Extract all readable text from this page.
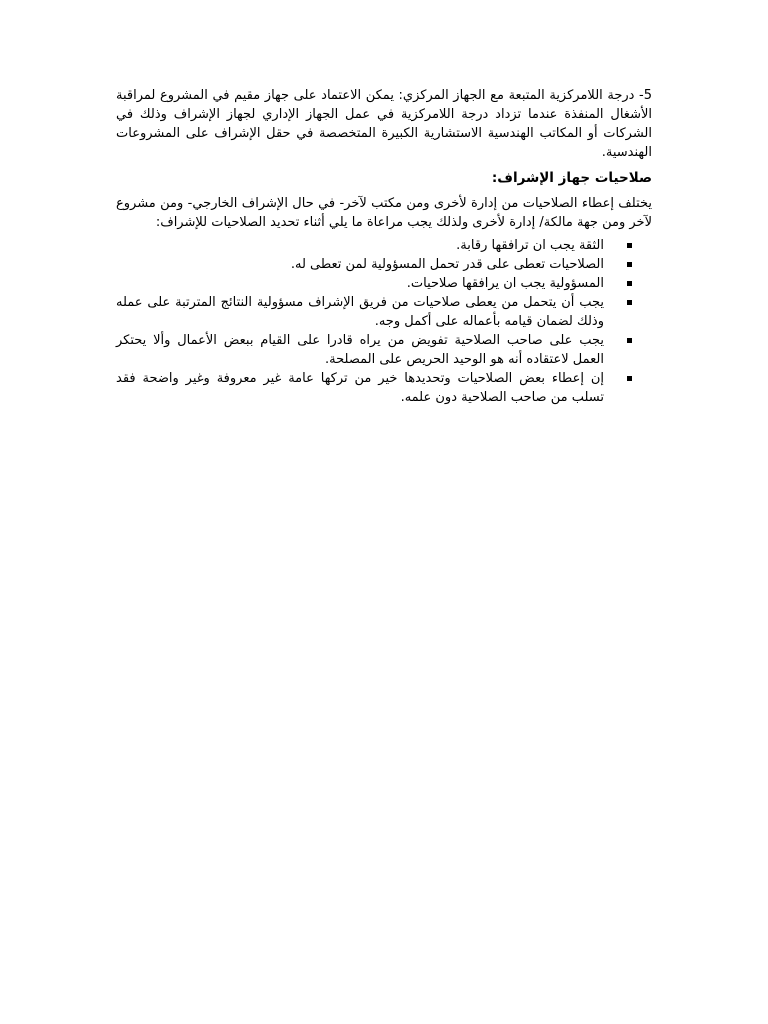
5- درجة اللامركزية المتبعة مع الجهاز المركزي: يمكن الاعتماد على جهاز مقيم في المشروع لمراقبة الأشغال المنفذة عندما تزداد درجة اللامركزية في عمل الجهاز الإداري لجهاز الإشراف وذلك في الشركات أو المكاتب الهندسية الاستشارية الكبيرة المتخصصة في حقل الإشراف على المشروعات الهندسية.

صلاحيات جهاز الإشراف:

يختلف إعطاء الصلاحيات من إدارة لأخرى ومن مكتب لآخر- في حال الإشراف الخارجي- ومن مشروع لآخر ومن جهة مالكة/ إدارة لأخرى ولذلك يجب مراعاة ما يلي أثناء تحديد الصلاحيات للإشراف:

الثقة يجب ان ترافقها رقابة.
الصلاحيات تعطى على قدر تحمل المسؤولية لمن تعطى له.
المسؤولية يجب ان يرافقها صلاحيات.
يجب أن يتحمل من يعطى صلاحيات من فريق الإشراف مسؤولية النتائج المترتبة على عمله وذلك لضمان قيامه بأعماله على أكمل وجه.
يجب على صاحب الصلاحية تفويض من يراه قادرا على القيام ببعض الأعمال وألا يحتكر العمل لاعتقاده أنه هو الوحيد الحريص على المصلحة.
إن إعطاء بعض الصلاحيات وتحديدها خير من تركها عامة غير معروفة وغير واضحة فقد تسلب من صاحب الصلاحية دون علمه.
